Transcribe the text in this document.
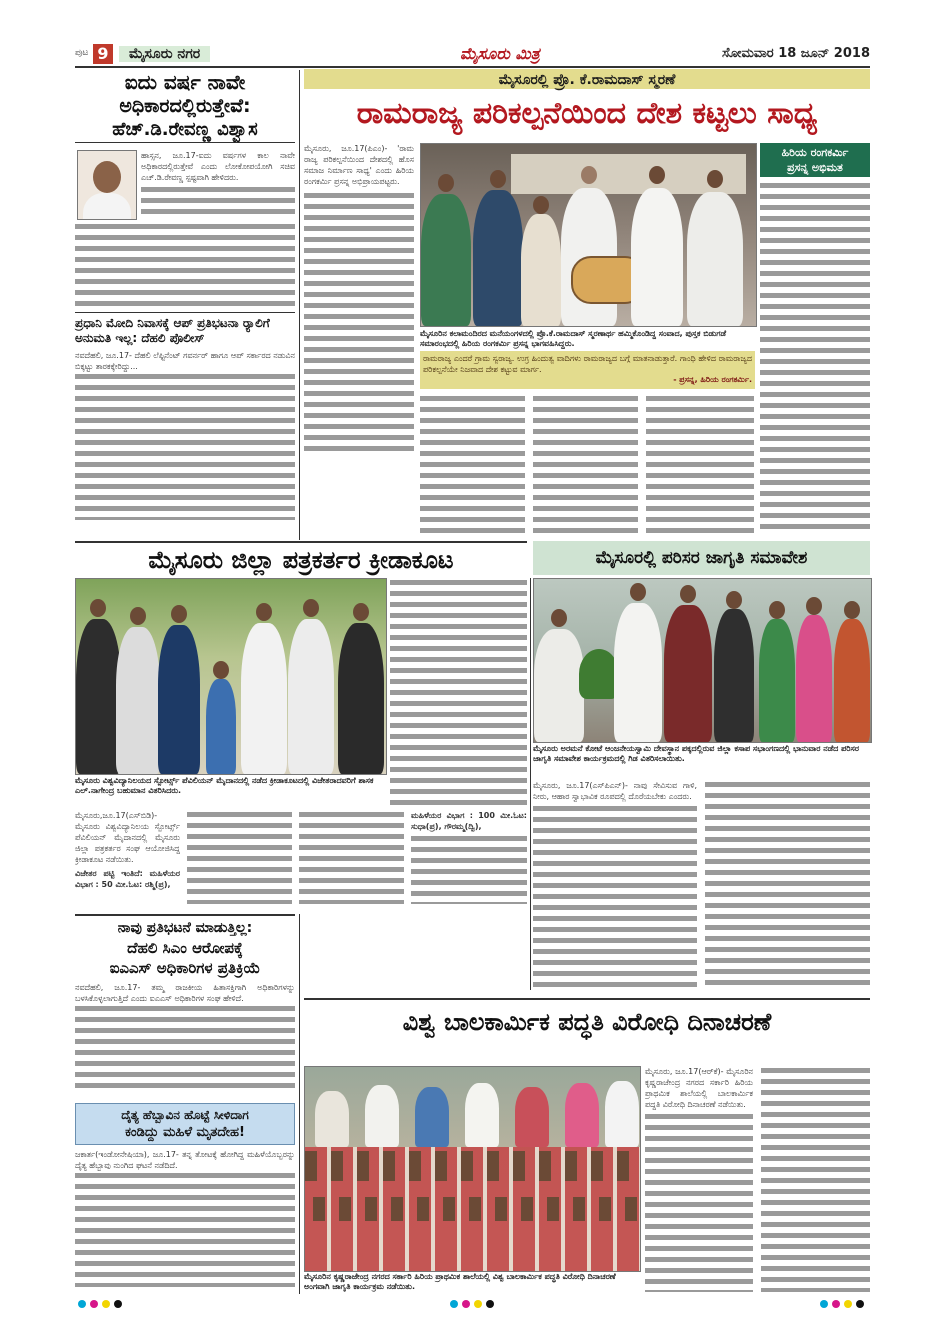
ಪುಟ 9	ಮೈಸೂರು ನಗರ	ಮೈಸೂರು ಮಿತ್ರ	ಸೋಮವಾರ 18 ಜೂನ್ 2018
ಐದು ವರ್ಷ ನಾವೇ
ಅಧಿಕಾರದಲ್ಲಿರುತ್ತೇವೆ:
ಹೆಚ್.ಡಿ.ರೇವಣ್ಣ ವಿಶ್ವಾಸ
ಹಾಸ್ಸನ, ಜೂ.17-ಐದು ವರ್ಷಗಳ ಕಾಲ ನಾವೇ ಅಧಿಕಾರದಲ್ಲಿರುತ್ತೇವೆ ಎಂದು ಲೋಕೋಪಯೋಗಿ ಸಚಿವ ಎಚ್.ಡಿ.ರೇವಣ್ಣ ಸ್ಪಷ್ಟವಾಗಿ ಹೇಳಿದರು.
ಪ್ರಧಾನಿ ಮೋದಿ ನಿವಾಸಕ್ಕೆ ಆಪ್ ಪ್ರತಿಭಟನಾ ರ‍್ಯಾಲಿಗೆ ಅನುಮತಿ ಇಲ್ಲ: ದೆಹಲಿ ಪೊಲೀಸ್
ನವದೆಹಲಿ, ಜೂ.17- ದೆಹಲಿ ಲೆಫ್ಟಿನೆಂಟ್ ಗವರ್ನರ್ ಹಾಗೂ ಆಪ್ ಸರ್ಕಾರದ ನಡುವಿನ ಬಿಕ್ಕಟ್ಟು ತಾರಕಕ್ಕೇರಿದ್ದು...
ಮೈಸೂರಲ್ಲಿ ಪ್ರೊ. ಕೆ.ರಾಮದಾಸ್ ಸ್ಮರಣೆ
ರಾಮರಾಜ್ಯ ಪರಿಕಲ್ಪನೆಯಿಂದ ದೇಶ ಕಟ್ಟಲು ಸಾಧ್ಯ
ಮೈಸೂರು, ಜೂ.17(ಪಿಎಂ)- 'ರಾಮ ರಾಜ್ಯ ಪರಿಕಲ್ಪನೆಯಿಂದ ದೇಶದಲ್ಲಿ ಹೊಸ ಸಮಾಜ ನಿರ್ಮಾಣ ಸಾಧ್ಯ' ಎಂದು ಹಿರಿಯ ರಂಗಕರ್ಮಿ ಪ್ರಸನ್ನ ಅಭಿಪ್ರಾಯಪಟ್ಟರು.
ಮೈಸೂರಿನ ಕಲಾಮಂದಿರದ ಮನೆಯಂಗಳದಲ್ಲಿ ಪ್ರೊ.ಕೆ.ರಾಮದಾಸ್ ಸ್ಮರಣಾರ್ಥ ಹಮ್ಮಿಕೊಂಡಿದ್ದ ಸಂವಾದ, ಪುಸ್ತಕ ಬಿಡುಗಡೆ ಸಮಾರಂಭದಲ್ಲಿ ಹಿರಿಯ ರಂಗಕರ್ಮಿ ಪ್ರಸನ್ನ ಭಾಗವಹಿಸಿದ್ದರು.
ಹಿರಿಯ ರಂಗಕರ್ಮಿ
ಪ್ರಸನ್ನ ಅಭಿಮತ
ರಾಮರಾಜ್ಯ ಎಂದರೆ ಗ್ರಾಮ ಸ್ವರಾಜ್ಯ. ಉಗ್ರ ಹಿಂದುತ್ವ ವಾದಿಗಳು ರಾಮರಾಜ್ಯದ ಬಗ್ಗೆ ಮಾತನಾಡುತ್ತಾರೆ. ಗಾಂಧಿ ಹೇಳಿದ ರಾಮರಾಜ್ಯದ ಪರಿಕಲ್ಪನೆಯೇ ನಿಜವಾದ ದೇಶ ಕಟ್ಟುವ ಮಾರ್ಗ.
- ಪ್ರಸನ್ನ, ಹಿರಿಯ ರಂಗಕರ್ಮಿ.
ಮೈಸೂರು ಜಿಲ್ಲಾ ಪತ್ರಕರ್ತರ ಕ್ರೀಡಾಕೂಟ
ಮೈಸೂರು ವಿಶ್ವವಿದ್ಯಾನಿಲಯದ ಸ್ಪೋರ್ಟ್ಸ್ ಪೆವಿಲಿಯನ್ ಮೈದಾನದಲ್ಲಿ ನಡೆದ ಕ್ರೀಡಾಕೂಟದಲ್ಲಿ ವಿಜೇತರಾದವರಿಗೆ ಶಾಸಕ ಎಲ್.ನಾಗೇಂದ್ರ ಬಹುಮಾನ ವಿತರಿಸಿದರು.
ಮೈಸೂರು,ಜೂ.17(ಎಸ್‌ಬಿಡಿ)- ಮೈಸೂರು ವಿಶ್ವವಿದ್ಯಾನಿಲಯ ಸ್ಪೋರ್ಟ್ಸ್ ಪೆವಿಲಿಯನ್ ಮೈದಾನದಲ್ಲಿ ಮೈಸೂರು ಜಿಲ್ಲಾ ಪತ್ರಕರ್ತರ ಸಂಘ ಆಯೋಜಿಸಿದ್ದ ಕ್ರೀಡಾಕೂಟ ನಡೆಯಿತು.
ವಿಜೇತರ ಪಟ್ಟಿ ಇಂತಿದೆ: ಮಹಿಳೆಯರ ವಿಭಾಗ : 50 ಮೀ.ಓಟ: ರಶ್ಮಿ(ಪ್ರ),
ಮಹಿಳೆಯರ ವಿಭಾಗ : 100 ಮೀ.ಓಟ: ಸುಧಾ(ಪ್ರ), ಗೌರಮ್ಮ(ದ್ವಿ),
ಮೈಸೂರಲ್ಲಿ ಪರಿಸರ ಜಾಗೃತಿ ಸಮಾವೇಶ
ಮೈಸೂರು ಅರಮನೆ ಕೋಟೆ ಆಂಜನೇಯಸ್ವಾಮಿ ದೇವಸ್ಥಾನ ಪಕ್ಕದಲ್ಲಿರುವ ಜಿಲ್ಲಾ ಕಸಾಪ ಸಭಾಂಗಣದಲ್ಲಿ ಭಾನುವಾರ ನಡೆದ ಪರಿಸರ ಜಾಗೃತಿ ಸಮಾವೇಶ ಕಾರ್ಯಕ್ರಮದಲ್ಲಿ ಗಿಡ ವಿತರಿಸಲಾಯಿತು.
ಮೈಸೂರು, ಜೂ.17(ಎಸ್‌ಪಿಎನ್)- ನಾವು ಸೇವಿಸುವ ಗಾಳಿ, ನೀರು, ಆಹಾರ ಸ್ವಾಭಾವಿಕ ರೂಪದಲ್ಲಿ ದೊರೆಯಬೇಕು ಎಂದರು.
ನಾವು ಪ್ರತಿಭಟನೆ ಮಾಡುತ್ತಿಲ್ಲ:
ದೆಹಲಿ ಸಿಎಂ ಆರೋಪಕ್ಕೆ
ಐಎಎಸ್ ಅಧಿಕಾರಿಗಳ ಪ್ರತಿಕ್ರಿಯೆ
ನವದೆಹಲಿ, ಜೂ.17- ತಮ್ಮ ರಾಜಕೀಯ ಹಿತಾಸಕ್ತಿಗಾಗಿ ಅಧಿಕಾರಿಗಳನ್ನು ಬಳಸಿಕೊಳ್ಳಲಾಗುತ್ತಿದೆ ಎಂದು ಐಎಎಸ್ ಅಧಿಕಾರಿಗಳ ಸಂಘ ಹೇಳಿದೆ.
ದೈತ್ಯ ಹೆಬ್ಬಾವಿನ ಹೊಟ್ಟೆ ಸೀಳಿದಾಗ
ಕಂಡಿದ್ದು ಮಹಿಳೆ ಮೃತದೇಹ!
ಜಕಾರ್ತ(ಇಂಡೋನೇಷಿಯಾ), ಜೂ.17- ತನ್ನ ತೋಟಕ್ಕೆ ಹೋಗಿದ್ದ ಮಹಿಳೆಯೊಬ್ಬರನ್ನು ದೈತ್ಯ ಹೆಬ್ಬಾವು ನುಂಗಿದ ಘಟನೆ ನಡೆದಿದೆ.
ವಿಶ್ವ ಬಾಲಕಾರ್ಮಿಕ ಪದ್ಧತಿ ವಿರೋಧಿ ದಿನಾಚರಣೆ
ಮೈಸೂರಿನ ಕೃಷ್ಣರಾಜೇಂದ್ರ ನಗರದ ಸರ್ಕಾರಿ ಹಿರಿಯ ಪ್ರಾಥಮಿಕ ಶಾಲೆಯಲ್ಲಿ ವಿಶ್ವ ಬಾಲಕಾರ್ಮಿಕ ಪದ್ಧತಿ ವಿರೋಧಿ ದಿನಾಚರಣೆ ಅಂಗವಾಗಿ ಜಾಗೃತಿ ಕಾರ್ಯಕ್ರಮ ನಡೆಯಿತು.
ಮೈಸೂರು, ಜೂ.17(ಆರ್‌ಕೆ)- ಮೈಸೂರಿನ ಕೃಷ್ಣರಾಜೇಂದ್ರ ನಗರದ ಸರ್ಕಾರಿ ಹಿರಿಯ ಪ್ರಾಥಮಿಕ ಶಾಲೆಯಲ್ಲಿ ಬಾಲಕಾರ್ಮಿಕ ಪದ್ಧತಿ ವಿರೋಧಿ ದಿನಾಚರಣೆ ನಡೆಯಿತು.
